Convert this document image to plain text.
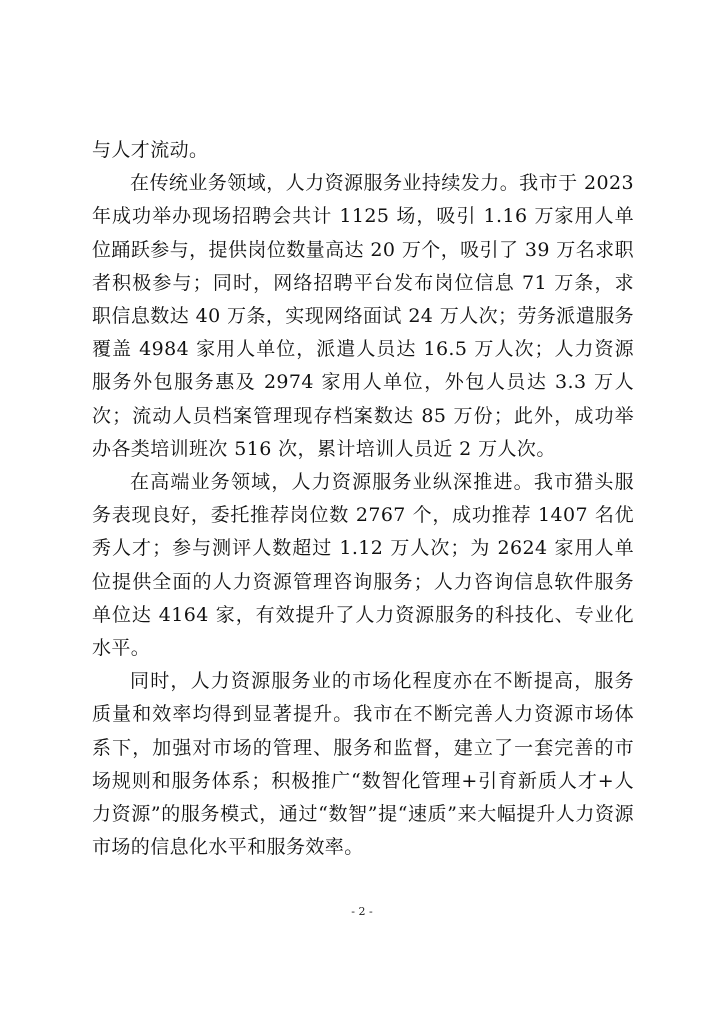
与人才流动。

在传统业务领域，人力资源服务业持续发力。我市于 2023 年成功举办现场招聘会共计 1125 场，吸引 1.16 万家用人单位踊跃参与，提供岗位数量高达 20 万个，吸引了 39 万名求职者积极参与；同时，网络招聘平台发布岗位信息 71 万条，求职信息数达 40 万条，实现网络面试 24 万人次；劳务派遣服务覆盖 4984 家用人单位，派遣人员达 16.5 万人次；人力资源服务外包服务惠及 2974 家用人单位，外包人员达 3.3 万人次；流动人员档案管理现存档案数达 85 万份；此外，成功举办各类培训班次 516 次，累计培训人员近 2 万人次。

在高端业务领域，人力资源服务业纵深推进。我市猎头服务表现良好，委托推荐岗位数 2767 个，成功推荐 1407 名优秀人才；参与测评人数超过 1.12 万人次；为 2624 家用人单位提供全面的人力资源管理咨询服务；人力咨询信息软件服务单位达 4164 家，有效提升了人力资源服务的科技化、专业化水平。

同时，人力资源服务业的市场化程度亦在不断提高，服务质量和效率均得到显著提升。我市在不断完善人力资源市场体系下，加强对市场的管理、服务和监督，建立了一套完善的市场规则和服务体系；积极推广“数智化管理+引育新质人才+人力资源”的服务模式，通过“数智”提“速质”来大幅提升人力资源市场的信息化水平和服务效率。

- 2 -
